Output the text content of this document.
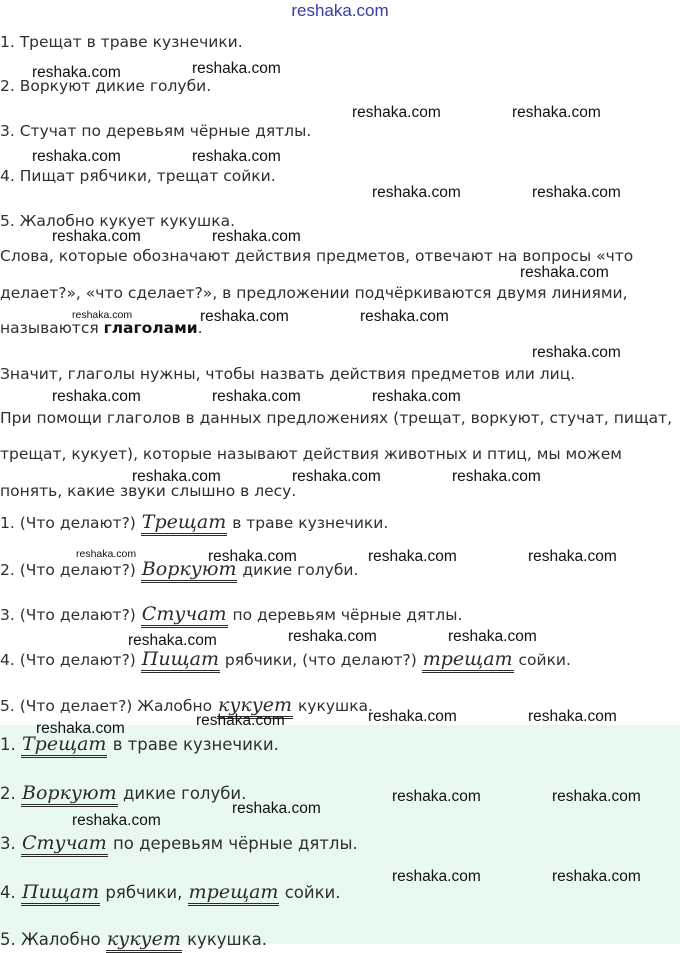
reshaka.com
1. Трещат в траве кузнечики.
2. Воркуют дикие голуби.
3. Стучат по деревьям чёрные дятлы.
4. Пищат рябчики, трещат сойки.
5. Жалобно кукует кукушка.
Слова, которые обозначают действия предметов, отвечают на вопросы «что
делает?», «что сделает?», в предложении подчёркиваются двумя линиями,
называются глаголами.
Значит, глаголы нужны, чтобы назвать действия предметов или лиц.
При помощи глаголов в данных предложениях (трещат, воркуют, стучат, пищат,
трещат, кукует), которые называют действия животных и птиц, мы можем
понять, какие звуки слышно в лесу.
1. (Что делают?) Трещат в траве кузнечики.
2. (Что делают?) Воркуют дикие голуби.
3. (Что делают?) Стучат по деревьям чёрные дятлы.
4. (Что делают?) Пищат рябчики, (что делают?) трещат сойки.
5. (Что делает?) Жалобно кукует кукушка.
1. Трещат в траве кузнечики.
2. Воркуют дикие голуби.
3. Стучат по деревьям чёрные дятлы.
4. Пищат рябчики, трещат сойки.
5. Жалобно кукует кукушка.
reshaka.com	reshaka.com
reshaka.com	reshaka.com
reshaka.com	reshaka.com
reshaka.com	reshaka.com
reshaka.com	reshaka.com
reshaka.com
reshaka.com	reshaka.com	reshaka.com
reshaka.com
reshaka.com	reshaka.com	reshaka.com
reshaka.com	reshaka.com	reshaka.com
reshaka.com	reshaka.com	reshaka.com	reshaka.com
reshaka.com	reshaka.com	reshaka.com
reshaka.com	reshaka.com	reshaka.com
reshaka.com
reshaka.com
reshaka.com	reshaka.com
reshaka.com
reshaka.com	reshaka.com
